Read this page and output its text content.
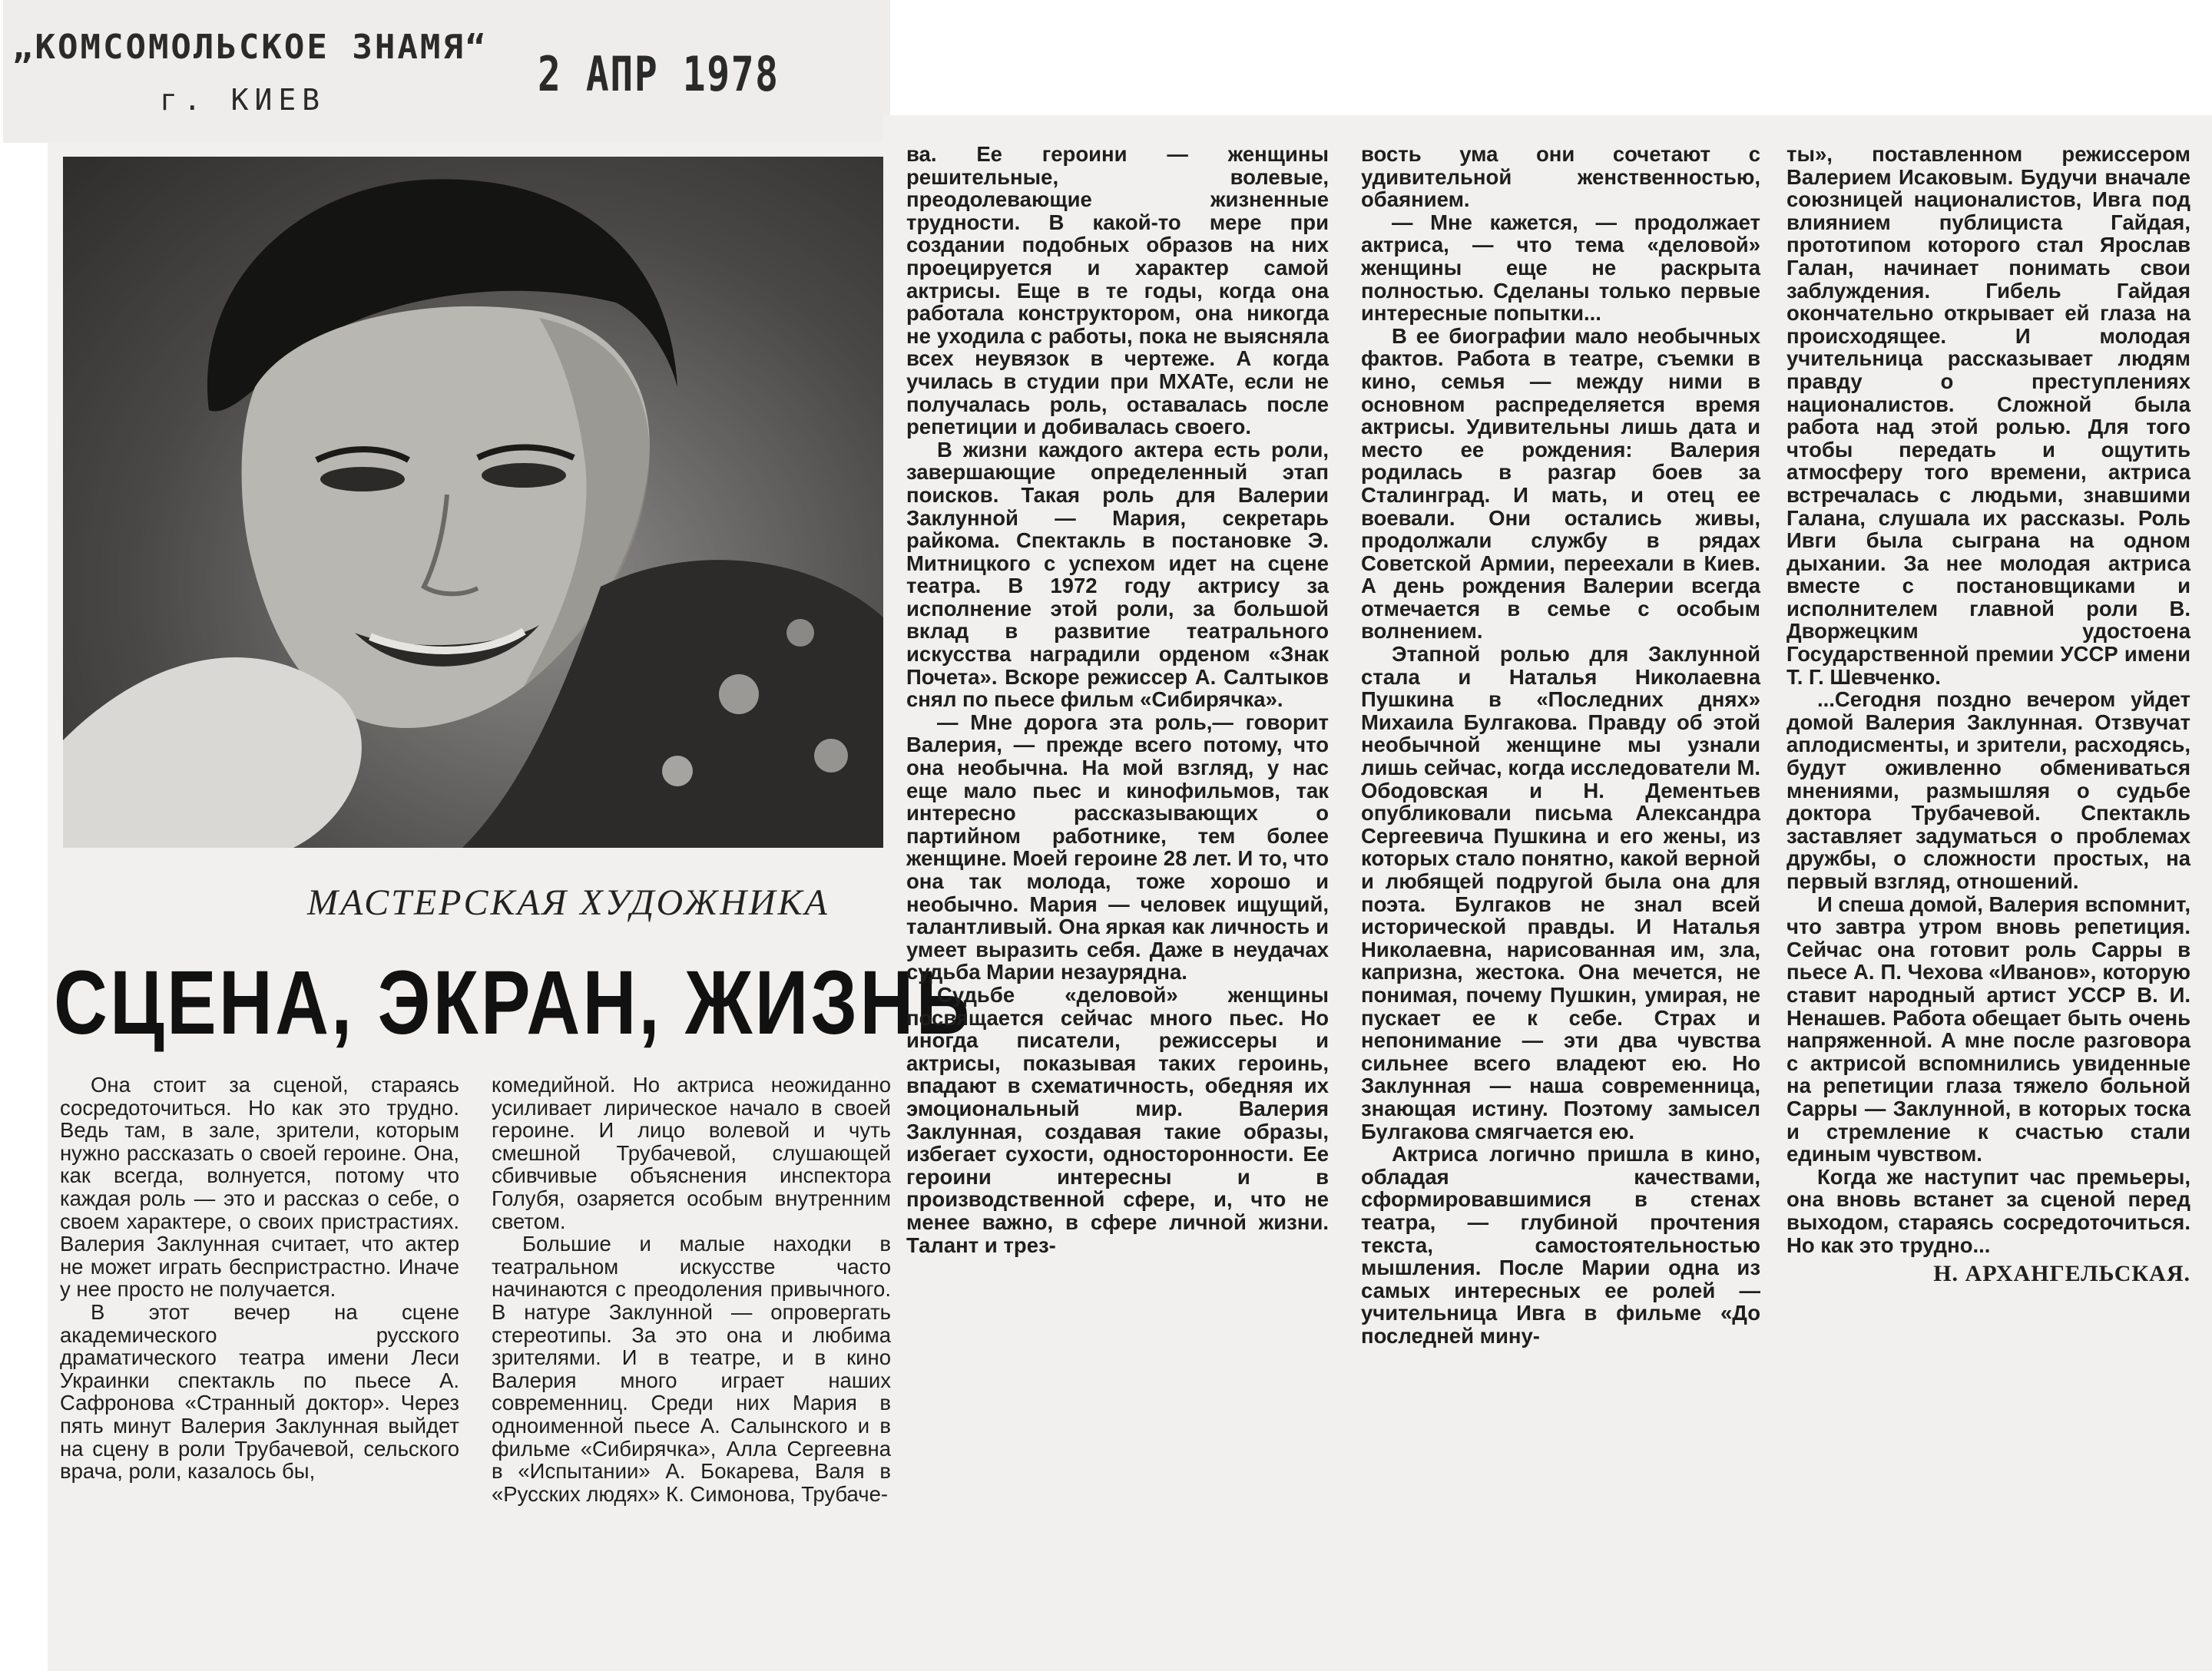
„КОМСОМОЛЬСКОЕ ЗНАМЯ“
г. КИЕВ	2 АПР 1978
МАСТЕРСКАЯ ХУДОЖНИКА
СЦЕНА, ЭКРАН, ЖИЗНЬ

Она стоит за сценой, стараясь сосредоточиться. Но как это трудно. Ведь там, в зале, зрители, которым нужно рассказать о своей героине. Она, как всегда, волнуется, потому что каждая роль — это и рассказ о себе, о своем характере, о своих пристрастиях. Валерия Заклунная считает, что актер не может играть беспристрастно. Иначе у нее просто не получается.

В этот вечер на сцене академического русского драматического театра имени Леси Украинки спектакль по пьесе А. Сафронова «Странный доктор». Через пять минут Валерия Заклунная выйдет на сцену в роли Трубачевой, сельского врача, роли, казалось бы,

комедийной. Но актриса неожиданно усиливает лирическое начало в своей героине. И лицо волевой и чуть смешной Трубачевой, слушающей сбивчивые объяснения инспектора Голубя, озаряется особым внутренним светом.

Большие и малые находки в театральном искусстве часто начинаются с преодоления привычного. В натуре Заклунной — опровергать стереотипы. За это она и любима зрителями. И в театре, и в кино Валерия много играет наших современниц. Среди них Мария в одноименной пьесе А. Салынского и в фильме «Сибирячка», Алла Сергеевна в «Испытании» А. Бокарева, Валя в «Русских людях» К. Симонова, Трубаче-

ва. Ее героини — женщины решительные, волевые, преодолевающие жизненные трудности. В какой-то мере при создании подобных образов на них проецируется и характер самой актрисы. Еще в те годы, когда она работала конструктором, она никогда не уходила с работы, пока не выясняла всех неувязок в чертеже. А когда училась в студии при МХАТе, если не получалась роль, оставалась после репетиции и добивалась своего.

В жизни каждого актера есть роли, завершающие определенный этап поисков. Такая роль для Валерии Заклунной — Мария, секретарь райкома. Спектакль в постановке Э. Митницкого с успехом идет на сцене театра. В 1972 году актрису за исполнение этой роли, за большой вклад в развитие театрального искусства наградили орденом «Знак Почета». Вскоре режиссер А. Салтыков снял по пьесе фильм «Сибирячка».

— Мне дорога эта роль,— говорит Валерия, — прежде всего потому, что она необычна. На мой взгляд, у нас еще мало пьес и кинофильмов, так интересно рассказывающих о партийном работнике, тем более женщине. Моей героине 28 лет. И то, что она так молода, тоже хорошо и необычно. Мария — человек ищущий, талантливый. Она яркая как личность и умеет выразить себя. Даже в неудачах судьба Марии незаурядна.

Судьбе «деловой» женщины посвящается сейчас много пьес. Но иногда писатели, режиссеры и актрисы, показывая таких героинь, впадают в схематичность, обедняя их эмоциональный мир. Валерия Заклунная, создавая такие образы, избегает сухости, односторонности. Ее героини интересны и в производственной сфере, и, что не менее важно, в сфере личной жизни. Талант и трез-

вость ума они сочетают с удивительной женственностью, обаянием.

— Мне кажется, — продолжает актриса, — что тема «деловой» женщины еще не раскрыта полностью. Сделаны только первые интересные попытки...

В ее биографии мало необычных фактов. Работа в театре, съемки в кино, семья — между ними в основном распределяется время актрисы. Удивительны лишь дата и место ее рождения: Валерия родилась в разгар боев за Сталинград. И мать, и отец ее воевали. Они остались живы, продолжали службу в рядах Советской Армии, переехали в Киев. А день рождения Валерии всегда отмечается в семье с особым волнением.

Этапной ролью для Заклунной стала и Наталья Николаевна Пушкина в «Последних днях» Михаила Булгакова. Правду об этой необычной женщине мы узнали лишь сейчас, когда исследователи М. Ободовская и Н. Дементьев опубликовали письма Александра Сергеевича Пушкина и его жены, из которых стало понятно, какой верной и любящей подругой была она для поэта. Булгаков не знал всей исторической правды. И Наталья Николаевна, нарисованная им, зла, капризна, жестока. Она мечется, не понимая, почему Пушкин, умирая, не пускает ее к себе. Страх и непонимание — эти два чувства сильнее всего владеют ею. Но Заклунная — наша современница, знающая истину. Поэтому замысел Булгакова смягчается ею.

Актриса логично пришла в кино, обладая качествами, сформировавшимися в стенах театра, — глубиной прочтения текста, самостоятельностью мышления. После Марии одна из самых интересных ее ролей — учительница Ивга в фильме «До последней мину-

ты», поставленном режиссером Валерием Исаковым. Будучи вначале союзницей националистов, Ивга под влиянием публициста Гайдая, прототипом которого стал Ярослав Галан, начинает понимать свои заблуждения. Гибель Гайдая окончательно открывает ей глаза на происходящее. И молодая учительница рассказывает людям правду о преступлениях националистов. Сложной была работа над этой ролью. Для того чтобы передать и ощутить атмосферу того времени, актриса встречалась с людьми, знавшими Галана, слушала их рассказы. Роль Ивги была сыграна на одном дыхании. За нее молодая актриса вместе с постановщиками и исполнителем главной роли В. Дворжецким удостоена Государственной премии УССР имени Т. Г. Шевченко.

...Сегодня поздно вечером уйдет домой Валерия Заклунная. Отзвучат аплодисменты, и зрители, расходясь, будут оживленно обмениваться мнениями, размышляя о судьбе доктора Трубачевой. Спектакль заставляет задуматься о проблемах дружбы, о сложности простых, на первый взгляд, отношений.

И спеша домой, Валерия вспомнит, что завтра утром вновь репетиция. Сейчас она готовит роль Сарры в пьесе А. П. Чехова «Иванов», которую ставит народный артист УССР В. И. Ненашев. Работа обещает быть очень напряженной. А мне после разговора с актрисой вспомнились увиденные на репетиции глаза тяжело больной Сарры — Заклунной, в которых тоска и стремление к счастью стали единым чувством.

Когда же наступит час премьеры, она вновь встанет за сценой перед выходом, стараясь сосредоточиться. Но как это трудно...

Н. АРХАНГЕЛЬСКАЯ.
